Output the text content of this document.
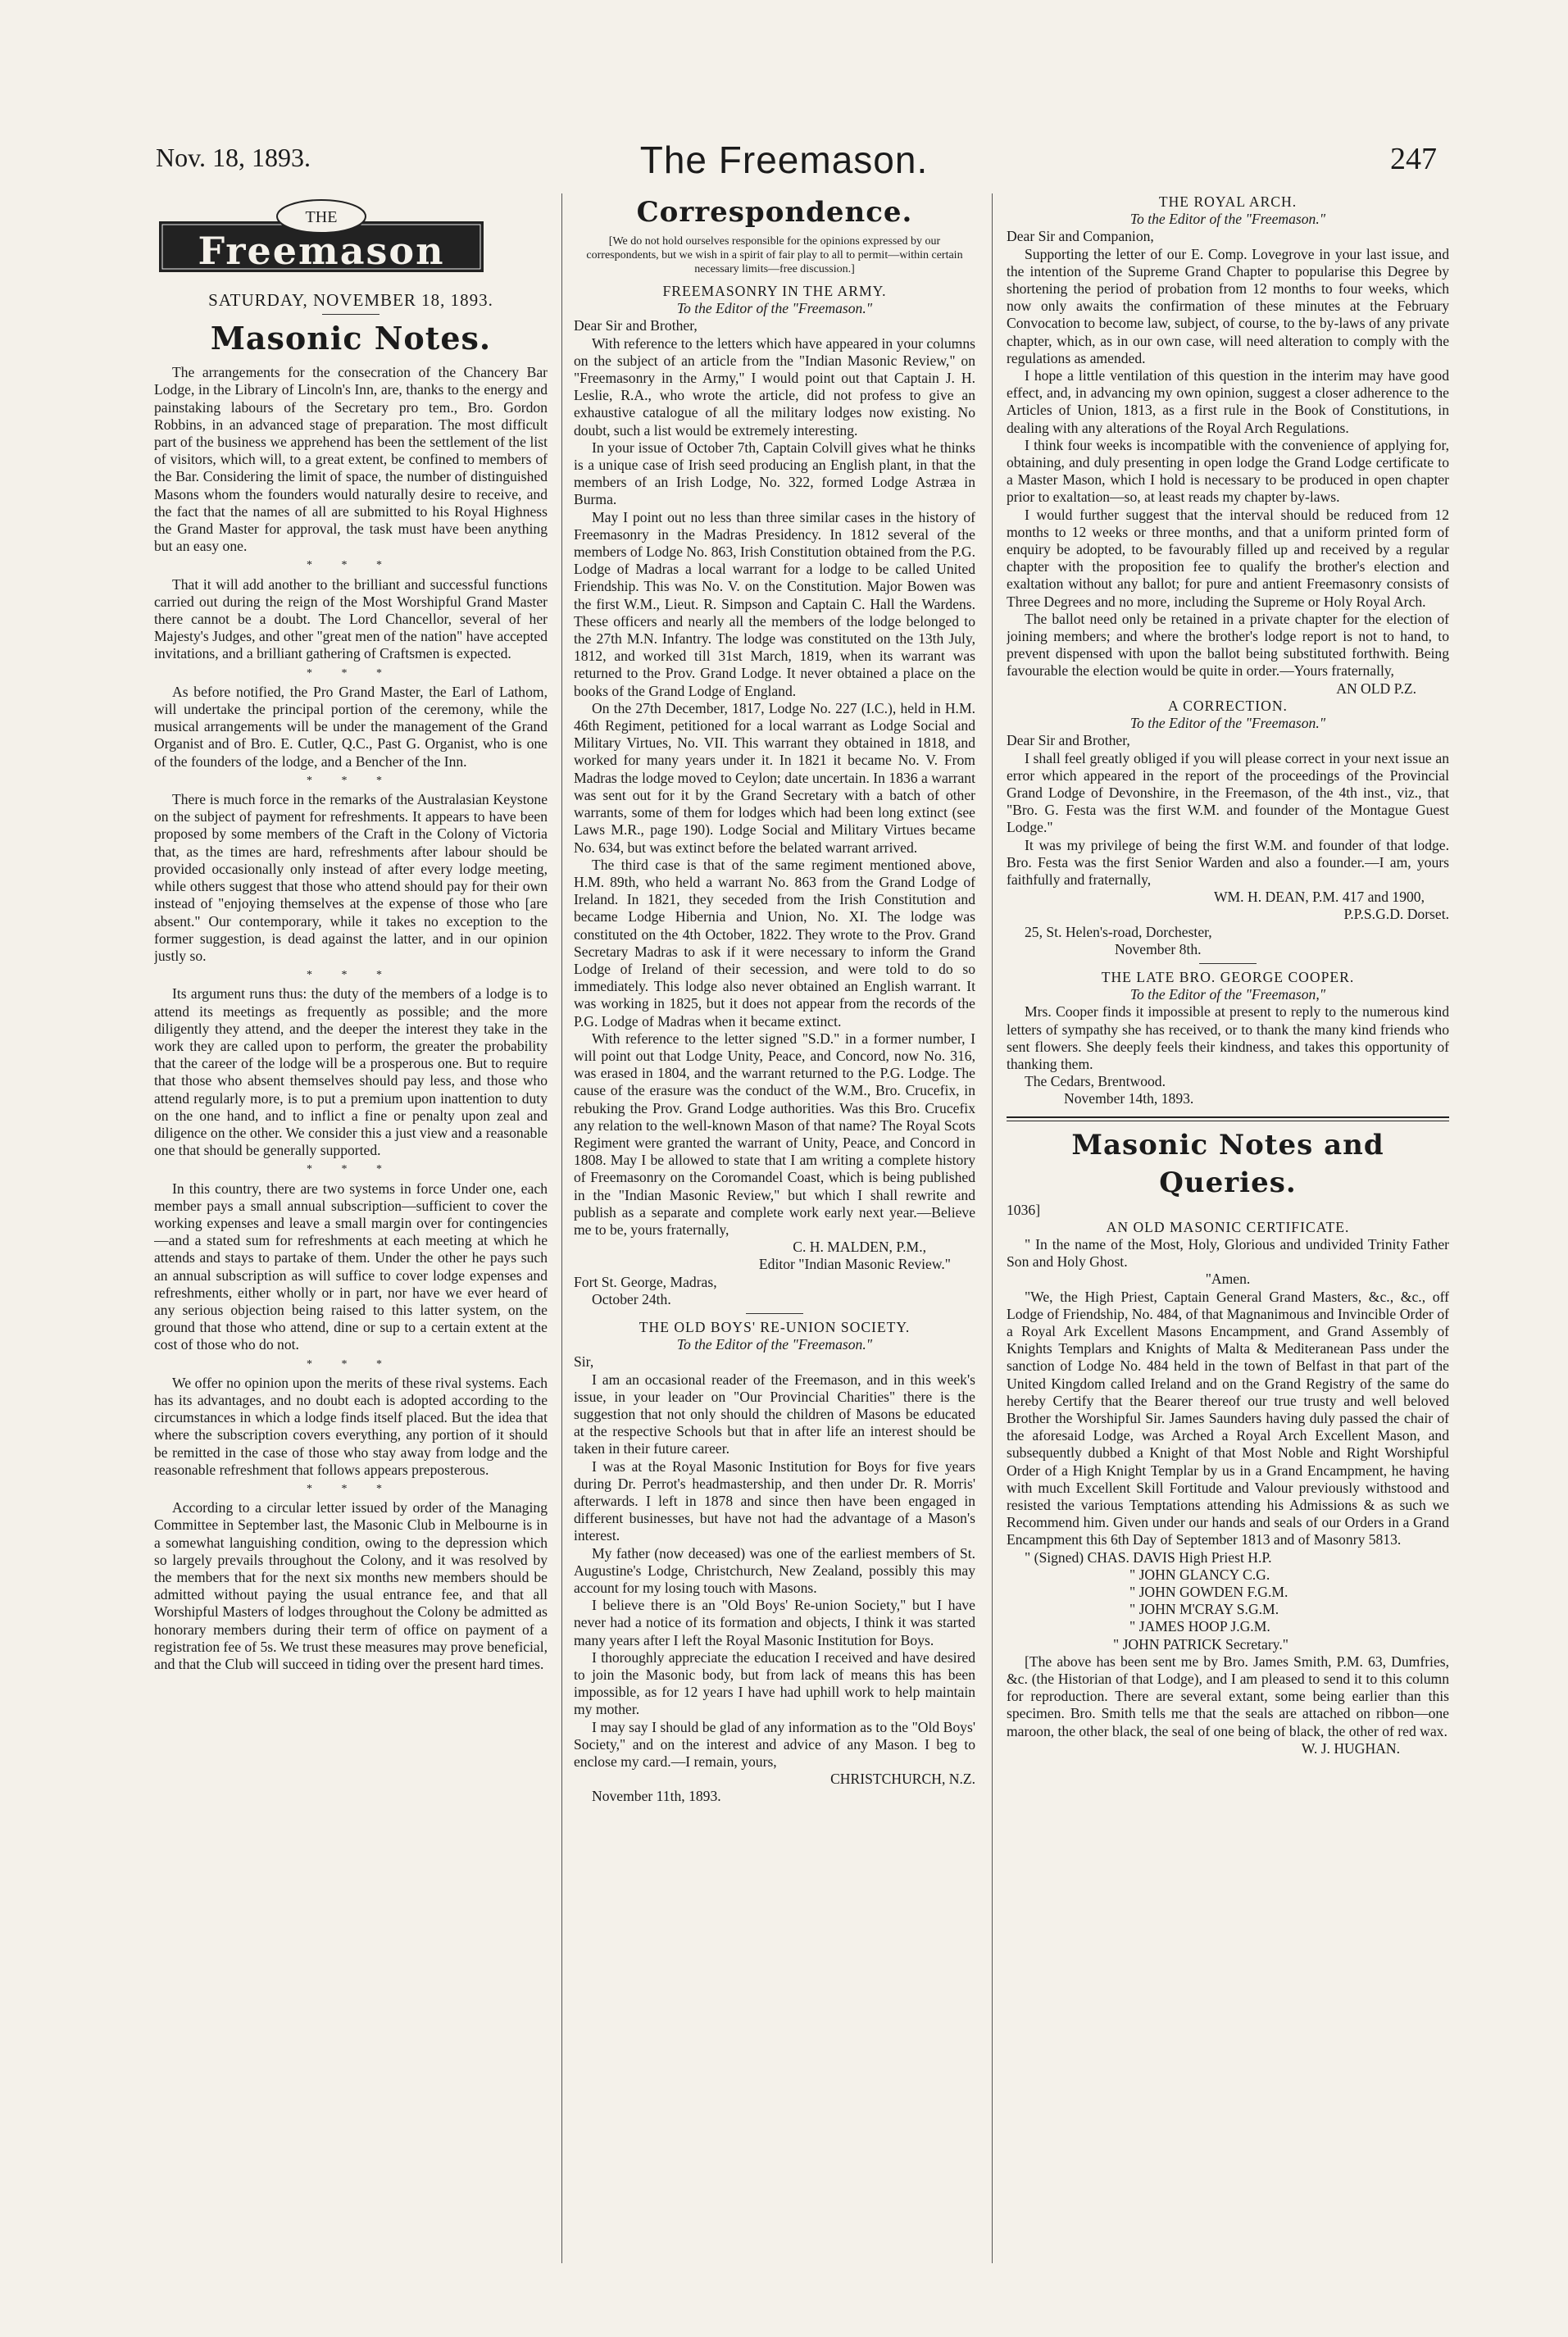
Nov. 18, 1893.	The Freemason.	247
THE
Freemason

SATURDAY, NOVEMBER 18, 1893.

Masonic Notes.

The arrangements for the consecration of the Chancery Bar Lodge, in the Library of Lincoln's Inn, are, thanks to the energy and painstaking labours of the Secretary pro tem., Bro. Gordon Robbins, in an advanced stage of preparation. The most difficult part of the business we apprehend has been the settlement of the list of visitors, which will, to a great extent, be confined to members of the Bar. Considering the limit of space, the number of distinguished Masons whom the founders would naturally desire to receive, and the fact that the names of all are submitted to his Royal Highness the Grand Master for approval, the task must have been anything but an easy one.

* * *

That it will add another to the brilliant and successful functions carried out during the reign of the Most Worshipful Grand Master there cannot be a doubt. The Lord Chancellor, several of her Majesty's Judges, and other "great men of the nation" have accepted invitations, and a brilliant gathering of Craftsmen is expected.

* * *

As before notified, the Pro Grand Master, the Earl of Lathom, will undertake the principal portion of the ceremony, while the musical arrangements will be under the management of the Grand Organist and of Bro. E. Cutler, Q.C., Past G. Organist, who is one of the founders of the lodge, and a Bencher of the Inn.

* * *

There is much force in the remarks of the Australasian Keystone on the subject of payment for refreshments. It appears to have been proposed by some members of the Craft in the Colony of Victoria that, as the times are hard, refreshments after labour should be provided occasionally only instead of after every lodge meeting, while others suggest that those who attend should pay for their own instead of "enjoying themselves at the expense of those who [are absent." Our contemporary, while it takes no exception to the former suggestion, is dead against the latter, and in our opinion justly so.

* * *

Its argument runs thus: the duty of the members of a lodge is to attend its meetings as frequently as possible; and the more diligently they attend, and the deeper the interest they take in the work they are called upon to perform, the greater the probability that the career of the lodge will be a prosperous one. But to require that those who absent themselves should pay less, and those who attend regularly more, is to put a premium upon inattention to duty on the one hand, and to inflict a fine or penalty upon zeal and diligence on the other. We consider this a just view and a reasonable one that should be generally supported.

* * *

In this country, there are two systems in force Under one, each member pays a small annual subscription—sufficient to cover the working expenses and leave a small margin over for contingencies—and a stated sum for refreshments at each meeting at which he attends and stays to partake of them. Under the other he pays such an annual subscription as will suffice to cover lodge expenses and refreshments, either wholly or in part, nor have we ever heard of any serious objection being raised to this latter system, on the ground that those who attend, dine or sup to a certain extent at the cost of those who do not.

* * *

We offer no opinion upon the merits of these rival systems. Each has its advantages, and no doubt each is adopted according to the circumstances in which a lodge finds itself placed. But the idea that where the subscription covers everything, any portion of it should be remitted in the case of those who stay away from lodge and the reasonable refreshment that follows appears preposterous.

* * *

According to a circular letter issued by order of the Managing Committee in September last, the Masonic Club in Melbourne is in a somewhat languishing condition, owing to the depression which so largely prevails throughout the Colony, and it was resolved by the members that for the next six months new members should be admitted without paying the usual entrance fee, and that all Worshipful Masters of lodges throughout the Colony be admitted as honorary members during their term of office on payment of a registration fee of 5s. We trust these measures may prove beneficial, and that the Club will succeed in tiding over the present hard times.

Correspondence.

[We do not hold ourselves responsible for the opinions expressed by our correspondents, but we wish in a spirit of fair play to all to permit—within certain necessary limits—free discussion.]

FREEMASONRY IN THE ARMY.

To the Editor of the "Freemason."

Dear Sir and Brother,

With reference to the letters which have appeared in your columns on the subject of an article from the "Indian Masonic Review," on "Freemasonry in the Army," I would point out that Captain J. H. Leslie, R.A., who wrote the article, did not profess to give an exhaustive catalogue of all the military lodges now existing. No doubt, such a list would be extremely interesting.

In your issue of October 7th, Captain Colvill gives what he thinks is a unique case of Irish seed producing an English plant, in that the members of an Irish Lodge, No. 322, formed Lodge Astræa in Burma.

May I point out no less than three similar cases in the history of Freemasonry in the Madras Presidency. In 1812 several of the members of Lodge No. 863, Irish Constitution obtained from the P.G. Lodge of Madras a local warrant for a lodge to be called United Friendship. This was No. V. on the Constitution. Major Bowen was the first W.M., Lieut. R. Simpson and Captain C. Hall the Wardens. These officers and nearly all the members of the lodge belonged to the 27th M.N. Infantry. The lodge was constituted on the 13th July, 1812, and worked till 31st March, 1819, when its warrant was returned to the Prov. Grand Lodge. It never obtained a place on the books of the Grand Lodge of England.

On the 27th December, 1817, Lodge No. 227 (I.C.), held in H.M. 46th Regiment, petitioned for a local warrant as Lodge Social and Military Virtues, No. VII. This warrant they obtained in 1818, and worked for many years under it. In 1821 it became No. V. From Madras the lodge moved to Ceylon; date uncertain. In 1836 a warrant was sent out for it by the Grand Secretary with a batch of other warrants, some of them for lodges which had been long extinct (see Laws M.R., page 190). Lodge Social and Military Virtues became No. 634, but was extinct before the belated warrant arrived.

The third case is that of the same regiment mentioned above, H.M. 89th, who held a warrant No. 863 from the Grand Lodge of Ireland. In 1821, they seceded from the Irish Constitution and became Lodge Hibernia and Union, No. XI. The lodge was constituted on the 4th October, 1822. They wrote to the Prov. Grand Secretary Madras to ask if it were necessary to inform the Grand Lodge of Ireland of their secession, and were told to do so immediately. This lodge also never obtained an English warrant. It was working in 1825, but it does not appear from the records of the P.G. Lodge of Madras when it became extinct.

With reference to the letter signed "S.D." in a former number, I will point out that Lodge Unity, Peace, and Concord, now No. 316, was erased in 1804, and the warrant returned to the P.G. Lodge. The cause of the erasure was the conduct of the W.M., Bro. Crucefix, in rebuking the Prov. Grand Lodge authorities. Was this Bro. Crucefix any relation to the well-known Mason of that name? The Royal Scots Regiment were granted the warrant of Unity, Peace, and Concord in 1808. May I be allowed to state that I am writing a complete history of Freemasonry on the Coromandel Coast, which is being published in the "Indian Masonic Review," but which I shall rewrite and publish as a separate and complete work early next year.—Believe me to be, yours fraternally,

C. H. MALDEN, P.M.,

Editor "Indian Masonic Review."

Fort St. George, Madras,

October 24th.

THE OLD BOYS' RE-UNION SOCIETY.

To the Editor of the "Freemason."

Sir,

I am an occasional reader of the Freemason, and in this week's issue, in your leader on "Our Provincial Charities" there is the suggestion that not only should the children of Masons be educated at the respective Schools but that in after life an interest should be taken in their future career.

I was at the Royal Masonic Institution for Boys for five years during Dr. Perrot's headmastership, and then under Dr. R. Morris' afterwards. I left in 1878 and since then have been engaged in different businesses, but have not had the advantage of a Mason's interest.

My father (now deceased) was one of the earliest members of St. Augustine's Lodge, Christchurch, New Zealand, possibly this may account for my losing touch with Masons.

I believe there is an "Old Boys' Re-union Society," but I have never had a notice of its formation and objects, I think it was started many years after I left the Royal Masonic Institution for Boys.

I thoroughly appreciate the education I received and have desired to join the Masonic body, but from lack of means this has been impossible, as for 12 years I have had uphill work to help maintain my mother.

I may say I should be glad of any information as to the "Old Boys' Society," and on the interest and advice of any Mason. I beg to enclose my card.—I remain, yours,

CHRISTCHURCH, N.Z.

November 11th, 1893.

THE ROYAL ARCH.

To the Editor of the "Freemason."

Dear Sir and Companion,

Supporting the letter of our E. Comp. Lovegrove in your last issue, and the intention of the Supreme Grand Chapter to popularise this Degree by shortening the period of probation from 12 months to four weeks, which now only awaits the confirmation of these minutes at the February Convocation to become law, subject, of course, to the by-laws of any private chapter, which, as in our own case, will need alteration to comply with the regulations as amended.

I hope a little ventilation of this question in the interim may have good effect, and, in advancing my own opinion, suggest a closer adherence to the Articles of Union, 1813, as a first rule in the Book of Constitutions, in dealing with any alterations of the Royal Arch Regulations.

I think four weeks is incompatible with the convenience of applying for, obtaining, and duly presenting in open lodge the Grand Lodge certificate to a Master Mason, which I hold is necessary to be produced in open chapter prior to exaltation—so, at least reads my chapter by-laws.

I would further suggest that the interval should be reduced from 12 months to 12 weeks or three months, and that a uniform printed form of enquiry be adopted, to be favourably filled up and received by a regular chapter with the proposition fee to qualify the brother's election and exaltation without any ballot; for pure and antient Freemasonry consists of Three Degrees and no more, including the Supreme or Holy Royal Arch.

The ballot need only be retained in a private chapter for the election of joining members; and where the brother's lodge report is not to hand, to prevent dispensed with upon the ballot being substituted forthwith. Being favourable the election would be quite in order.—Yours fraternally,

AN OLD P.Z.

A CORRECTION.

To the Editor of the "Freemason."

Dear Sir and Brother,

I shall feel greatly obliged if you will please correct in your next issue an error which appeared in the report of the proceedings of the Provincial Grand Lodge of Devonshire, in the Freemason, of the 4th inst., viz., that "Bro. G. Festa was the first W.M. and founder of the Montague Guest Lodge."

It was my privilege of being the first W.M. and founder of that lodge. Bro. Festa was the first Senior Warden and also a founder.—I am, yours faithfully and fraternally,

WM. H. DEAN, P.M. 417 and 1900,

P.P.S.G.D. Dorset.

25, St. Helen's-road, Dorchester,

November 8th.

THE LATE BRO. GEORGE COOPER.

To the Editor of the "Freemason,"

Mrs. Cooper finds it impossible at present to reply to the numerous kind letters of sympathy she has received, or to thank the many kind friends who sent flowers. She deeply feels their kindness, and takes this opportunity of thanking them.

The Cedars, Brentwood.

November 14th, 1893.

Masonic Notes and Queries.

1036]

AN OLD MASONIC CERTIFICATE.

" In the name of the Most, Holy, Glorious and undivided Trinity Father Son and Holy Ghost.

"Amen.

"We, the High Priest, Captain General Grand Masters, &c., &c., off Lodge of Friendship, No. 484, of that Magnanimous and Invincible Order of a Royal Ark Excellent Masons Encampment, and Grand Assembly of Knights Templars and Knights of Malta & Mediteranean Pass under the sanction of Lodge No. 484 held in the town of Belfast in that part of the United Kingdom called Ireland and on the Grand Registry of the same do hereby Certify that the Bearer thereof our true trusty and well beloved Brother the Worshipful Sir. James Saunders having duly passed the chair of the aforesaid Lodge, was Arched a Royal Arch Excellent Mason, and subsequently dubbed a Knight of that Most Noble and Right Worshipful Order of a High Knight Templar by us in a Grand Encampment, he having with much Excellent Skill Fortitude and Valour previously withstood and resisted the various Temptations attending his Admissions & as such we Recommend him. Given under our hands and seals of our Orders in a Grand Encampment this 6th Day of September 1813 and of Masonry 5813.

" (Signed) CHAS. DAVIS High Priest H.P.

" JOHN GLANCY C.G.

" JOHN GOWDEN F.G.M.

" JOHN M'CRAY S.G.M.

" JAMES HOOP J.G.M.

" JOHN PATRICK Secretary."

[The above has been sent me by Bro. James Smith, P.M. 63, Dumfries, &c. (the Historian of that Lodge), and I am pleased to send it to this column for reproduction. There are several extant, some being earlier than this specimen. Bro. Smith tells me that the seals are attached on ribbon—one maroon, the other black, the seal of one being of black, the other of red wax.

W. J. HUGHAN.
